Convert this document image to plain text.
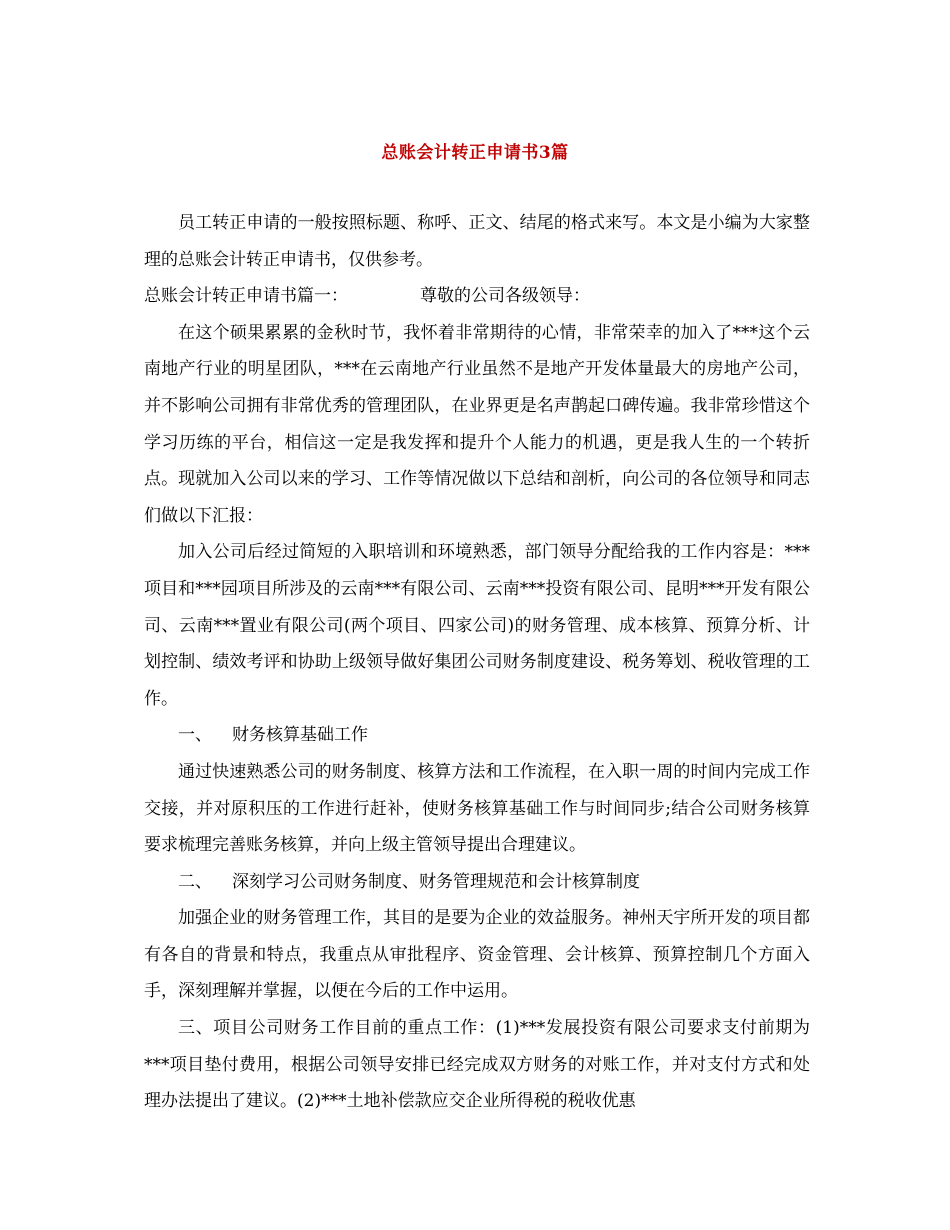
总账会计转正申请书3篇

员工转正申请的一般按照标题、称呼、正文、结尾的格式来写。本文是小编为大家整理的总账会计转正申请书，仅供参考。

总账会计转正申请书篇一：	尊敬的公司各级领导：

在这个硕果累累的金秋时节，我怀着非常期待的心情，非常荣幸的加入了***这个云南地产行业的明星团队，***在云南地产行业虽然不是地产开发体量最大的房地产公司，并不影响公司拥有非常优秀的管理团队，在业界更是名声鹊起口碑传遍。我非常珍惜这个学习历练的平台，相信这一定是我发挥和提升个人能力的机遇，更是我人生的一个转折点。现就加入公司以来的学习、工作等情况做以下总结和剖析，向公司的各位领导和同志们做以下汇报：

加入公司后经过简短的入职培训和环境熟悉，部门领导分配给我的工作内容是：***项目和***园项目所涉及的云南***有限公司、云南***投资有限公司、昆明***开发有限公司、云南***置业有限公司(两个项目、四家公司)的财务管理、成本核算、预算分析、计划控制、绩效考评和协助上级领导做好集团公司财务制度建设、税务筹划、税收管理的工作。

一、 财务核算基础工作

通过快速熟悉公司的财务制度、核算方法和工作流程，在入职一周的时间内完成工作交接，并对原积压的工作进行赶补，使财务核算基础工作与时间同步;结合公司财务核算要求梳理完善账务核算，并向上级主管领导提出合理建议。

二、 深刻学习公司财务制度、财务管理规范和会计核算制度

加强企业的财务管理工作，其目的是要为企业的效益服务。神州天宇所开发的项目都有各自的背景和特点，我重点从审批程序、资金管理、会计核算、预算控制几个方面入手，深刻理解并掌握，以便在今后的工作中运用。

三、项目公司财务工作目前的重点工作：(1)***发展投资有限公司要求支付前期为***项目垫付费用，根据公司领导安排已经完成双方财务的对账工作，并对支付方式和处理办法提出了建议。(2)***土地补偿款应交企业所得税的税收优惠
